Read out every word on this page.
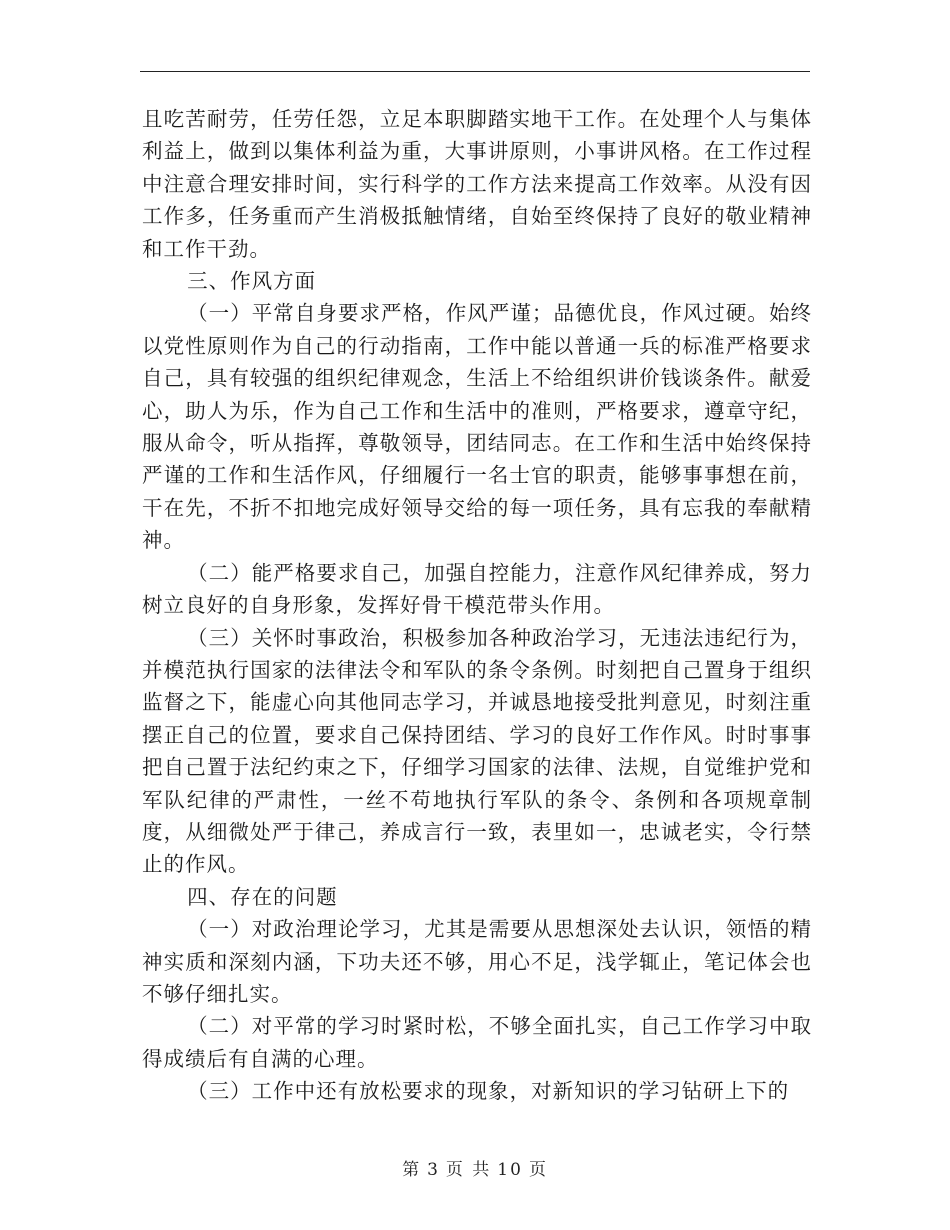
且吃苦耐劳，任劳任怨，立足本职脚踏实地干工作。在处理个人与集体利益上，做到以集体利益为重，大事讲原则，小事讲风格。在工作过程中注意合理安排时间，实行科学的工作方法来提高工作效率。从没有因工作多，任务重而产生消极抵触情绪，自始至终保持了良好的敬业精神和工作干劲。

三、作风方面

（一）平常自身要求严格，作风严谨；品德优良，作风过硬。始终以党性原则作为自己的行动指南，工作中能以普通一兵的标准严格要求自己，具有较强的组织纪律观念，生活上不给组织讲价钱谈条件。献爱心，助人为乐，作为自己工作和生活中的准则，严格要求，遵章守纪，服从命令，听从指挥，尊敬领导，团结同志。在工作和生活中始终保持严谨的工作和生活作风，仔细履行一名士官的职责，能够事事想在前，干在先，不折不扣地完成好领导交给的每一项任务，具有忘我的奉献精神。

（二）能严格要求自己，加强自控能力，注意作风纪律养成，努力树立良好的自身形象，发挥好骨干模范带头作用。

（三）关怀时事政治，积极参加各种政治学习，无违法违纪行为，并模范执行国家的法律法令和军队的条令条例。时刻把自己置身于组织监督之下，能虚心向其他同志学习，并诚恳地接受批判意见，时刻注重摆正自己的位置，要求自己保持团结、学习的良好工作作风。时时事事把自己置于法纪约束之下，仔细学习国家的法律、法规，自觉维护党和军队纪律的严肃性，一丝不苟地执行军队的条令、条例和各项规章制度，从细微处严于律己，养成言行一致，表里如一，忠诚老实，令行禁止的作风。

四、存在的问题

（一）对政治理论学习，尤其是需要从思想深处去认识，领悟的精神实质和深刻内涵，下功夫还不够，用心不足，浅学辄止，笔记体会也不够仔细扎实。

（二）对平常的学习时紧时松，不够全面扎实，自己工作学习中取得成绩后有自满的心理。

（三）工作中还有放松要求的现象，对新知识的学习钻研上下的

第 3 页 共 10 页
